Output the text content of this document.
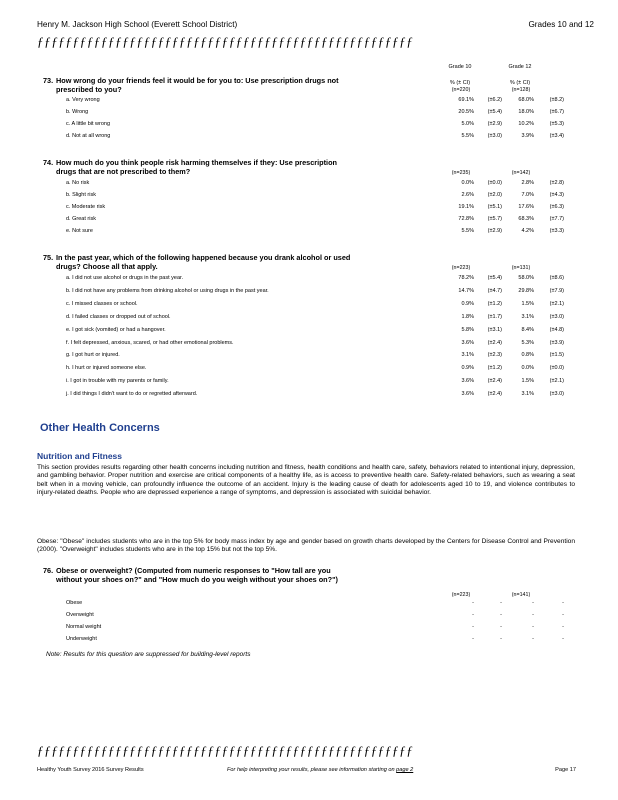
Henry M. Jackson High School (Everett School District)	Grades 10 and 12
ƒƒƒƒƒƒƒƒƒƒƒƒƒƒƒƒƒƒƒƒƒƒƒƒƒƒƒƒƒƒƒƒƒƒƒƒƒƒƒƒƒƒƒƒƒƒƒƒƒƒƒƒƒ
Grade 10	Grade 12
% (± CI)	% (± CI)
73. How wrong do your friends feel it would be for you to: Use prescription drugs not prescribed to you?	(n=220)	(n=128)
a. Very wrong	69.1%	(±6.2)	68.0%	(±8.2)
b. Wrong	20.5%	(±5.4)	18.0%	(±6.7)
c. A little bit wrong	5.0%	(±2.9)	10.2%	(±5.3)
d. Not at all wrong	5.5%	(±3.0)	3.9%	(±3.4)
74. How much do you think people risk harming themselves if they: Use prescription drugs that are not prescribed to them?	(n=235)	(n=142)
a. No risk	0.0%	(±0.0)	2.8%	(±2.8)
b. Slight risk	2.6%	(±2.0)	7.0%	(±4.3)
c. Moderate risk	19.1%	(±5.1)	17.6%	(±6.3)
d. Great risk	72.8%	(±5.7)	68.3%	(±7.7)
e. Not sure	5.5%	(±2.9)	4.2%	(±3.3)
75. In the past year, which of the following happened because you drank alcohol or used drugs? Choose all that apply.	(n=223)	(n=131)
a. I did not use alcohol or drugs in the past year.	78.2%	(±5.4)	58.0%	(±8.6)
b. I did not have any problems from drinking alcohol or using drugs in the past year.	14.7%	(±4.7)	29.8%	(±7.9)
c. I missed classes or school.	0.9%	(±1.2)	1.5%	(±2.1)
d. I failed classes or dropped out of school.	1.8%	(±1.7)	3.1%	(±3.0)
e. I got sick (vomited) or had a hangover.	5.8%	(±3.1)	8.4%	(±4.8)
f. I felt depressed, anxious, scared, or had other emotional problems.	3.6%	(±2.4)	5.3%	(±3.9)
g. I got hurt or injured.	3.1%	(±2.3)	0.8%	(±1.5)
h. I hurt or injured someone else.	0.9%	(±1.2)	0.0%	(±0.0)
i. I got in trouble with my parents or family.	3.6%	(±2.4)	1.5%	(±2.1)
j. I did things I didn't want to do or regretted afterward.	3.6%	(±2.4)	3.1%	(±3.0)
Other Health Concerns
Nutrition and Fitness
This section provides results regarding other health concerns including nutrition and fitness, health conditions and health care, safety, behaviors related to intentional injury, depression, and gambling behavior. Proper nutrition and exercise are critical components of a healthy life, as is access to preventive health care. Safety-related behaviors, such as wearing a seat belt when in a moving vehicle, can profoundly influence the outcome of an accident. Injury is the leading cause of death for adolescents aged 10 to 19, and violence contributes to injury-related deaths. People who are depressed experience a range of symptoms, and depression is associated with suicidal behavior.
Obese: "Obese" includes students who are in the top 5% for body mass index by age and gender based on growth charts developed by the Centers for Disease Control and Prevention (2000). "Overweight" includes students who are in the top 15% but not the top 5%.
76. Obese or overweight? (Computed from numeric responses to "How tall are you without your shoes on?" and "How much do you weigh without your shoes on?")
(n=223)	(n=141)
Obese	-	-	-	-
Overweight	-	-	-	-
Normal weight	-	-	-	-
Underweight	-	-	-	-
Note: Results for this question are suppressed for building-level reports
ƒƒƒƒƒƒƒƒƒƒƒƒƒƒƒƒƒƒƒƒƒƒƒƒƒƒƒƒƒƒƒƒƒƒƒƒƒƒƒƒƒƒƒƒƒƒƒƒƒƒƒƒƒ
Healthy Youth Survey 2016 Survey Results	For help interpreting your results, please see information starting on page 2	Page 17
